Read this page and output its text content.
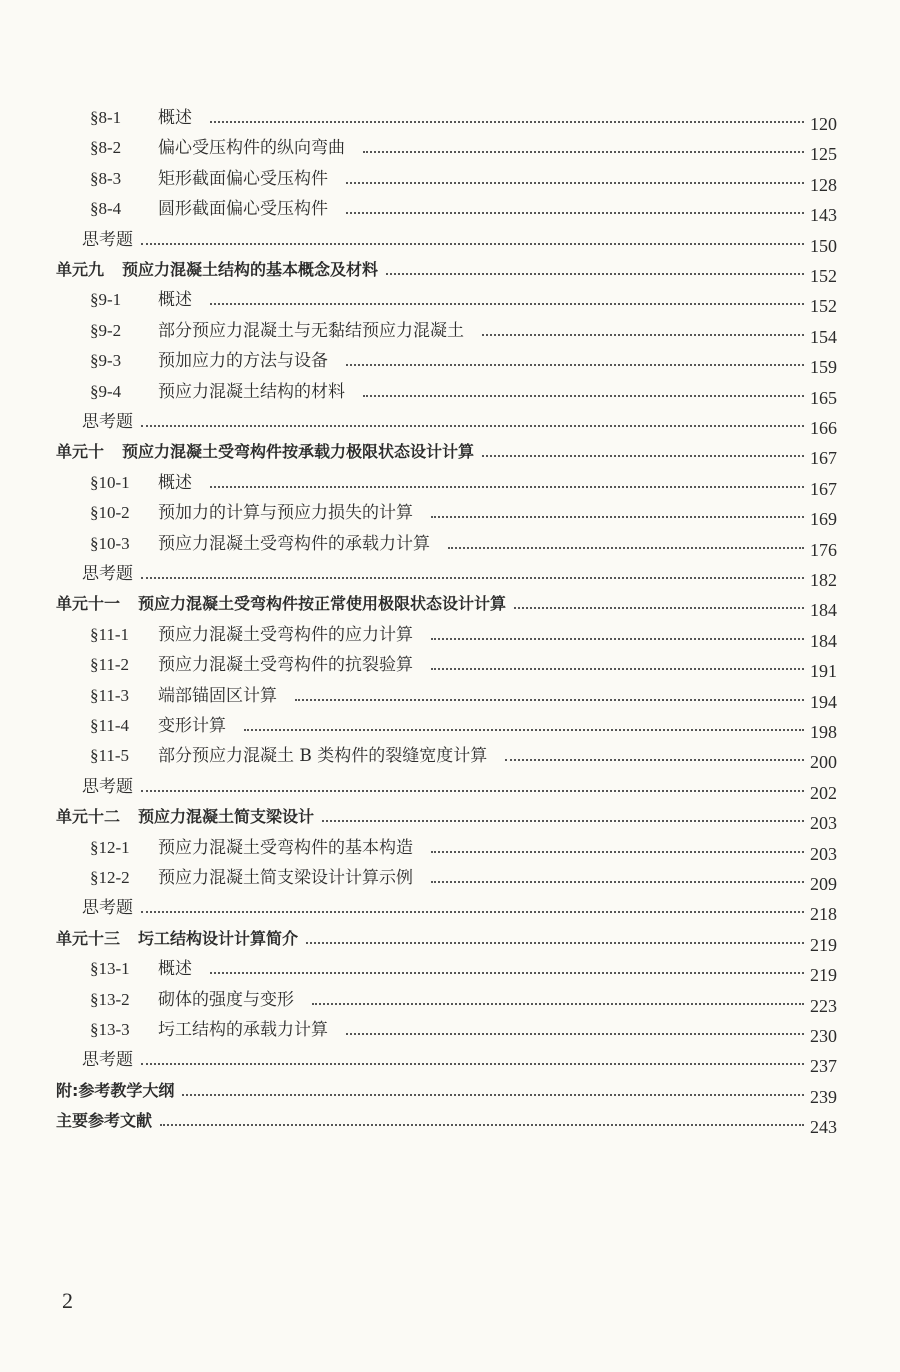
§8-1	概述	120
§8-2	偏心受压构件的纵向弯曲	125
§8-3	矩形截面偏心受压构件	128
§8-4	圆形截面偏心受压构件	143
思考题	150
单元九 预应力混凝土结构的基本概念及材料	152
§9-1	概述	152
§9-2	部分预应力混凝土与无黏结预应力混凝土	154
§9-3	预加应力的方法与设备	159
§9-4	预应力混凝土结构的材料	165
思考题	166
单元十 预应力混凝土受弯构件按承载力极限状态设计计算	167
§10-1	概述	167
§10-2	预加力的计算与预应力损失的计算	169
§10-3	预应力混凝土受弯构件的承载力计算	176
思考题	182
单元十一 预应力混凝土受弯构件按正常使用极限状态设计计算	184
§11-1	预应力混凝土受弯构件的应力计算	184
§11-2	预应力混凝土受弯构件的抗裂验算	191
§11-3	端部锚固区计算	194
§11-4	变形计算	198
§11-5	部分预应力混凝土 B 类构件的裂缝宽度计算	200
思考题	202
单元十二 预应力混凝土简支梁设计	203
§12-1	预应力混凝土受弯构件的基本构造	203
§12-2	预应力混凝土简支梁设计计算示例	209
思考题	218
单元十三 圬工结构设计计算简介	219
§13-1	概述	219
§13-2	砌体的强度与变形	223
§13-3	圬工结构的承载力计算	230
思考题	237
附:参考教学大纲	239
主要参考文献	243
2
